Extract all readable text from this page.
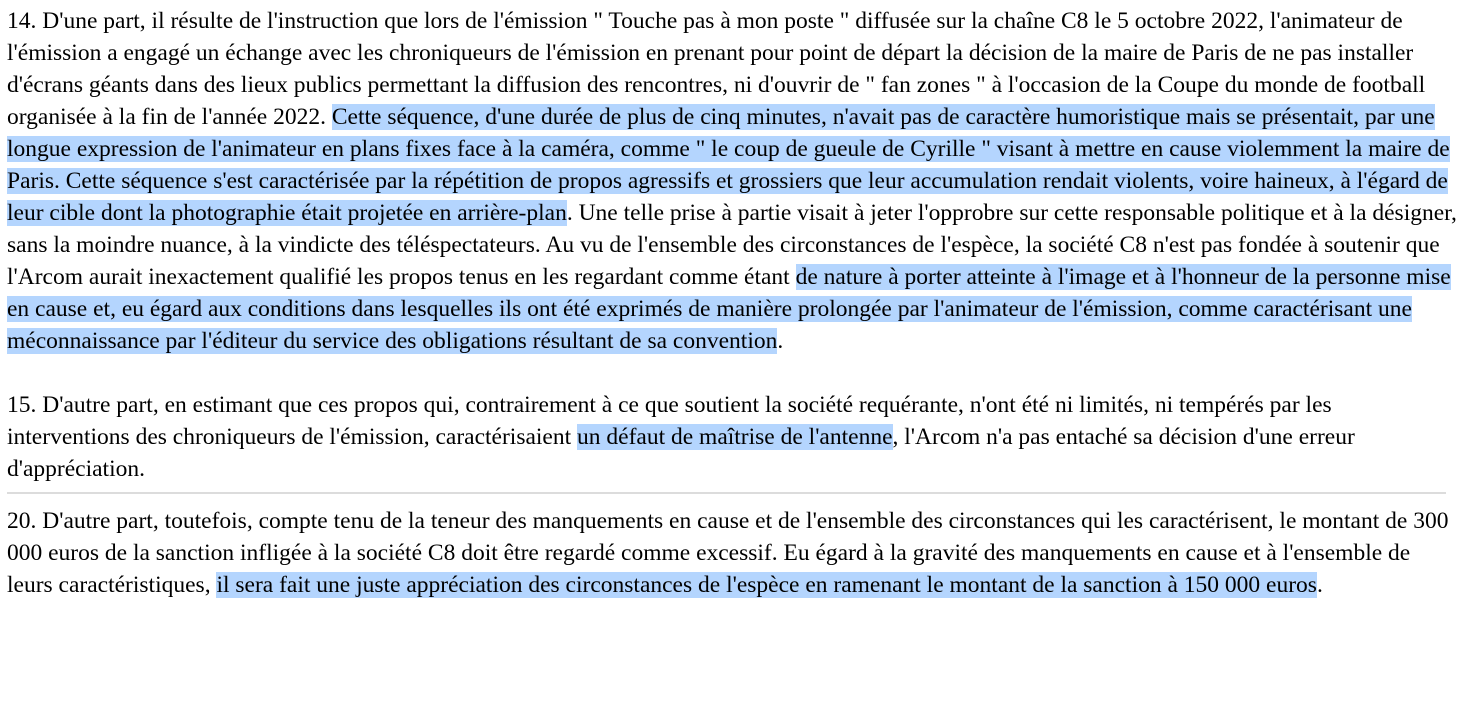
14. D'une part, il résulte de l'instruction que lors de l'émission " Touche pas à mon poste " diffusée sur la chaîne C8 le 5 octobre 2022, l'animateur de l'émission a engagé un échange avec les chroniqueurs de l'émission en prenant pour point de départ la décision de la maire de Paris de ne pas installer d'écrans géants dans des lieux publics permettant la diffusion des rencontres, ni d'ouvrir de " fan zones " à l'occasion de la Coupe du monde de football organisée à la fin de l'année 2022. Cette séquence, d'une durée de plus de cinq minutes, n'avait pas de caractère humoristique mais se présentait, par une longue expression de l'animateur en plans fixes face à la caméra, comme " le coup de gueule de Cyrille " visant à mettre en cause violemment la maire de Paris. Cette séquence s'est caractérisée par la répétition de propos agressifs et grossiers que leur accumulation rendait violents, voire haineux, à l'égard de leur cible dont la photographie était projetée en arrière-plan. Une telle prise à partie visait à jeter l'opprobre sur cette responsable politique et à la désigner, sans la moindre nuance, à la vindicte des téléspectateurs. Au vu de l'ensemble des circonstances de l'espèce, la société C8 n'est pas fondée à soutenir que l'Arcom aurait inexactement qualifié les propos tenus en les regardant comme étant de nature à porter atteinte à l'image et à l'honneur de la personne mise en cause et, eu égard aux conditions dans lesquelles ils ont été exprimés de manière prolongée par l'animateur de l'émission, comme caractérisant une méconnaissance par l'éditeur du service des obligations résultant de sa convention.

15. D'autre part, en estimant que ces propos qui, contrairement à ce que soutient la société requérante, n'ont été ni limités, ni tempérés par les interventions des chroniqueurs de l'émission, caractérisaient un défaut de maîtrise de l'antenne, l'Arcom n'a pas entaché sa décision d'une erreur d'appréciation.

20. D'autre part, toutefois, compte tenu de la teneur des manquements en cause et de l'ensemble des circonstances qui les caractérisent, le montant de 300 000 euros de la sanction infligée à la société C8 doit être regardé comme excessif. Eu égard à la gravité des manquements en cause et à l'ensemble de leurs caractéristiques, il sera fait une juste appréciation des circonstances de l'espèce en ramenant le montant de la sanction à 150 000 euros.
